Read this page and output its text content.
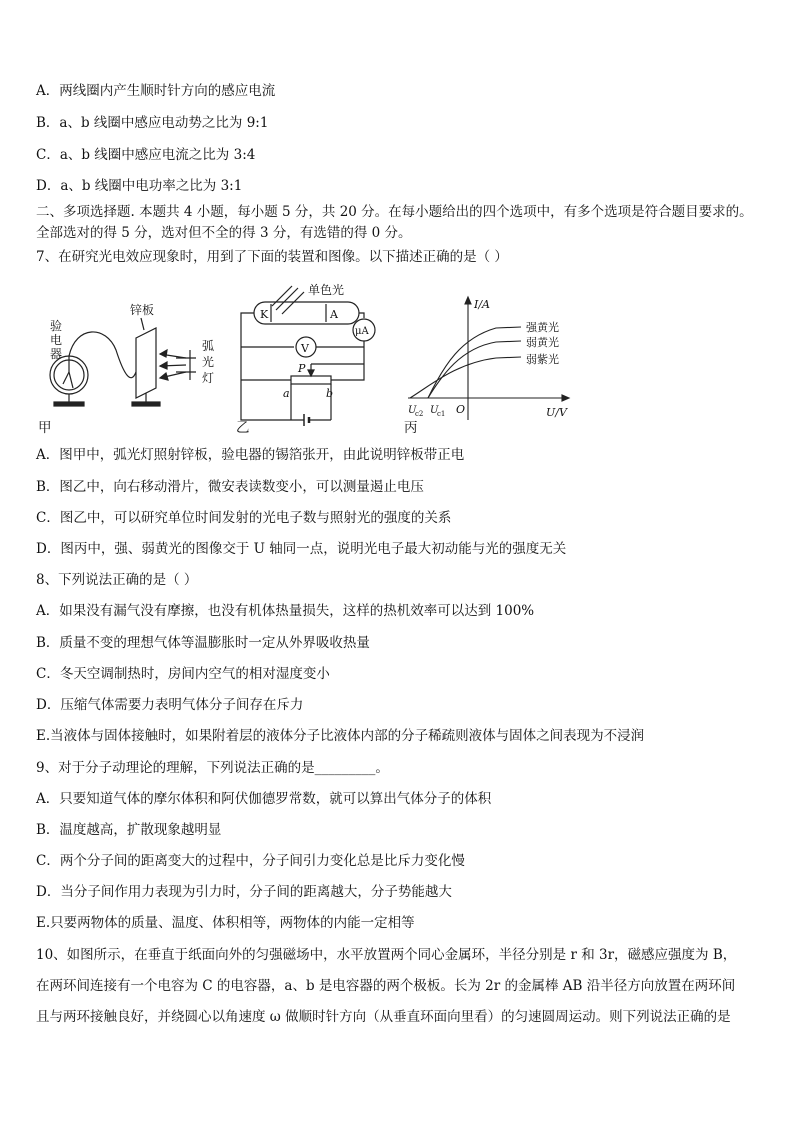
A．两线圈内产生顺时针方向的感应电流
B．a、b 线圈中感应电动势之比为 9:1
C．a、b 线圈中感应电流之比为 3:4
D．a、b 线圈中电功率之比为 3:1
二、多项选择题. 本题共 4 小题，每小题 5 分，共 20 分。在每小题给出的四个选项中，有多个选项是符合题目要求的。
全部选对的得 5 分，选对但不全的得 3 分，有选错的得 0 分。
7、在研究光电效应现象时，用到了下面的装置和图像。以下描述正确的是（ ）
验
电
器
锌板
弧
光
灯
单色光
K	A
μA
V
P
a	b
I/A
U/V
O
强黄光
弱黄光
弱紫光
U
c2 U
c1
甲	乙	丙
A．图甲中，弧光灯照射锌板，验电器的锡箔张开，由此说明锌板带正电
B．图乙中，向右移动滑片，微安表读数变小，可以测量遏止电压
C．图乙中，可以研究单位时间发射的光电子数与照射光的强度的关系
D．图丙中，强、弱黄光的图像交于 U 轴同一点，说明光电子最大初动能与光的强度无关
8、下列说法正确的是（ ）
A．如果没有漏气没有摩擦，也没有机体热量损失，这样的热机效率可以达到 100%
B．质量不变的理想气体等温膨胀时一定从外界吸收热量
C．冬天空调制热时，房间内空气的相对湿度变小
D．压缩气体需要力表明气体分子间存在斥力
E.当液体与固体接触时，如果附着层的液体分子比液体内部的分子稀疏则液体与固体之间表现为不浸润
9、对于分子动理论的理解，下列说法正确的是_________。
A．只要知道气体的摩尔体积和阿伏伽德罗常数，就可以算出气体分子的体积
B．温度越高，扩散现象越明显
C．两个分子间的距离变大的过程中，分子间引力变化总是比斥力变化慢
D．当分子间作用力表现为引力时，分子间的距离越大，分子势能越大
E.只要两物体的质量、温度、体积相等，两物体的内能一定相等
10、如图所示，在垂直于纸面向外的匀强磁场中，水平放置两个同心金属环，半径分别是 r 和 3r，磁感应强度为 B，
在两环间连接有一个电容为 C 的电容器，a、b 是电容器的两个极板。长为 2r 的金属棒 AB 沿半径方向放置在两环间
且与两环接触良好，并绕圆心以角速度 ω 做顺时针方向（从垂直环面向里看）的匀速圆周运动。则下列说法正确的是
